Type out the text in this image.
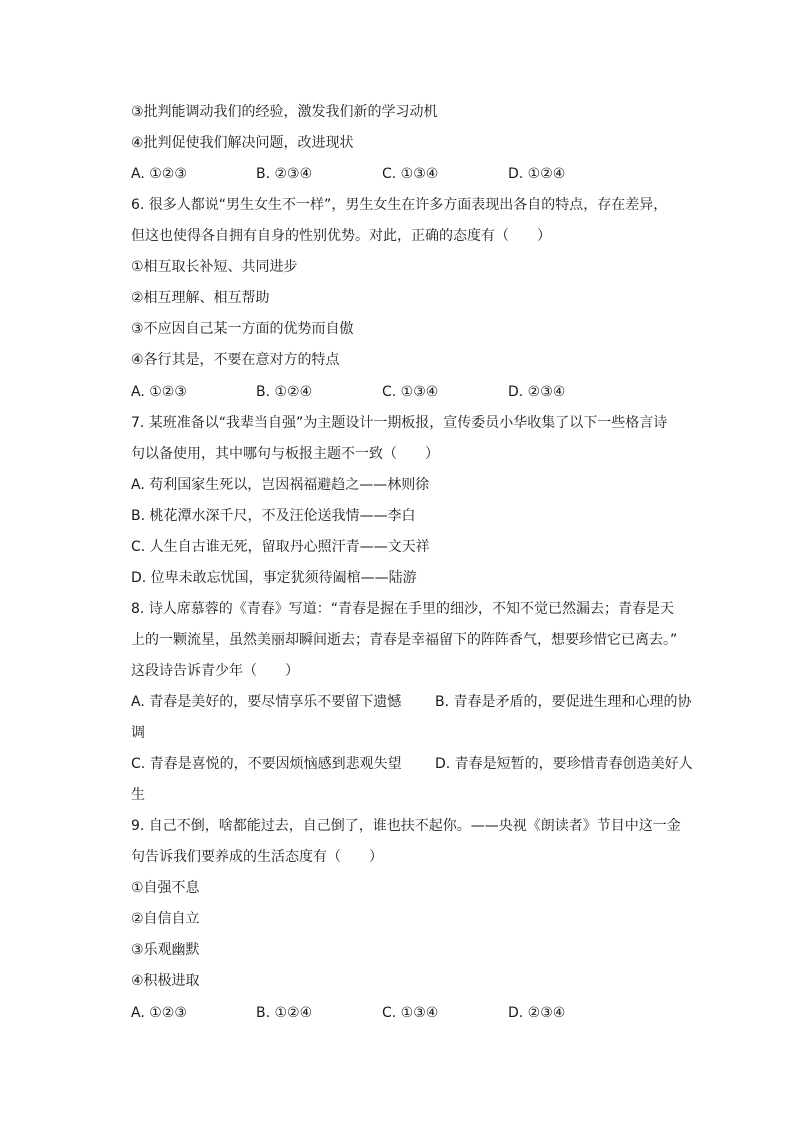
③批判能调动我们的经验，激发我们新的学习动机
④批判促使我们解决问题，改进现状
A. ①②③	B. ②③④	C. ①③④	D. ①②④
6. 很多人都说“男生女生不一样”，男生女生在许多方面表现出各自的特点，存在差异，
但这也使得各自拥有自身的性别优势。对此，正确的态度有（　　）
①相互取长补短、共同进步
②相互理解、相互帮助
③不应因自己某一方面的优势而自傲
④各行其是，不要在意对方的特点
A. ①②③	B. ①②④	C. ①③④	D. ②③④
7. 某班准备以“我辈当自强”为主题设计一期板报，宣传委员小华收集了以下一些格言诗
句以备使用，其中哪句与板报主题不一致（　　）
A. 苟利国家生死以，岂因祸福避趋之——林则徐
B. 桃花潭水深千尺，不及汪伦送我情——李白
C. 人生自古谁无死，留取丹心照汗青——文天祥
D. 位卑未敢忘忧国，事定犹须待阖棺——陆游
8. 诗人席慕蓉的《青春》写道：“青春是握在手里的细沙，不知不觉已然漏去；青春是天
上的一颗流星，虽然美丽却瞬间逝去；青春是幸福留下的阵阵香气，想要珍惜它已离去。”
这段诗告诉青少年（　　）
A. 青春是美好的，要尽情享乐不要留下遗憾 B. 青春是矛盾的，要促进生理和心理的协
调
C. 青春是喜悦的，不要因烦恼感到悲观失望 D. 青春是短暂的，要珍惜青春创造美好人
生
9. 自己不倒，啥都能过去，自己倒了，谁也扶不起你。——央视《朗读者》节目中这一金
句告诉我们要养成的生活态度有（　　）
①自强不息
②自信自立
③乐观幽默
④积极进取
A. ①②③	B. ①②④	C. ①③④	D. ②③④
